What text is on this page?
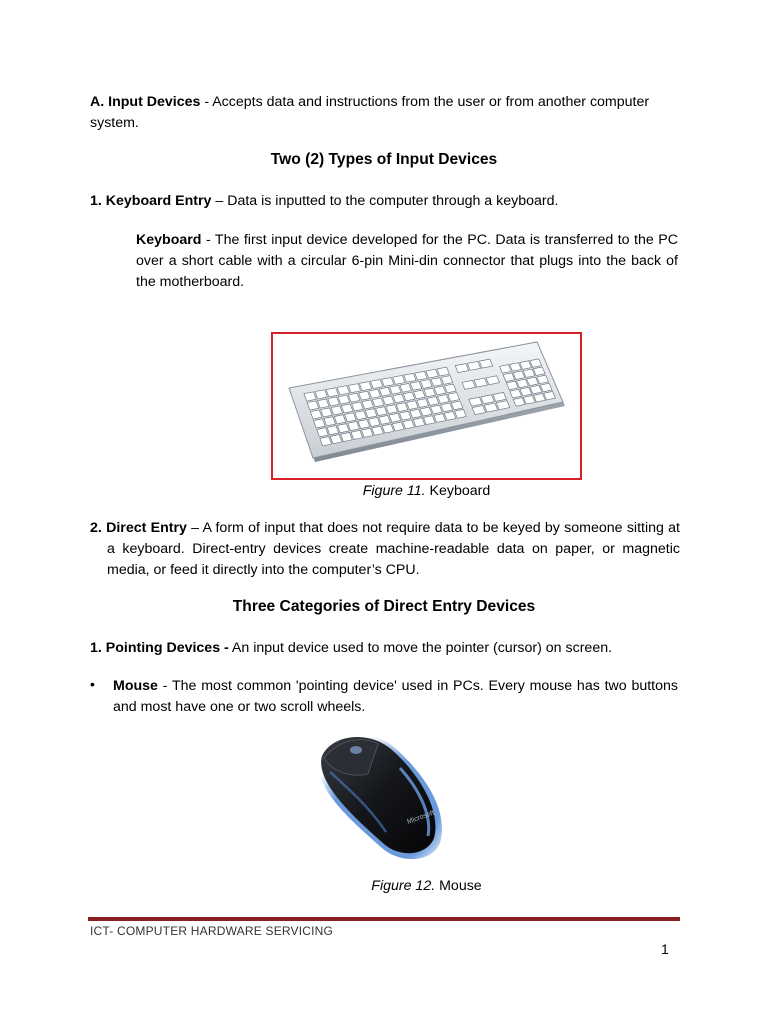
A. Input Devices - Accepts data and instructions from the user or from another computer system.

Two (2) Types of Input Devices

1. Keyboard Entry – Data is inputted to the computer through a keyboard.

Keyboard - The first input device developed for the PC. Data is transferred to the PC over a short cable with a circular 6-pin Mini-din connector that plugs into the back of the motherboard.

Figure 11. Keyboard

2. Direct Entry – A form of input that does not require data to be keyed by someone sitting at a keyboard. Direct-entry devices create machine-readable data on paper, or magnetic media, or feed it directly into the computer’s CPU.

Three Categories of Direct Entry Devices

1. Pointing Devices - An input device used to move the pointer (cursor) on screen.

• Mouse - The most common 'pointing device' used in PCs. Every mouse has two buttons and most have one or two scroll wheels.

Microsoft
Figure 12. Mouse
ICT- COMPUTER HARDWARE SERVICING
1
